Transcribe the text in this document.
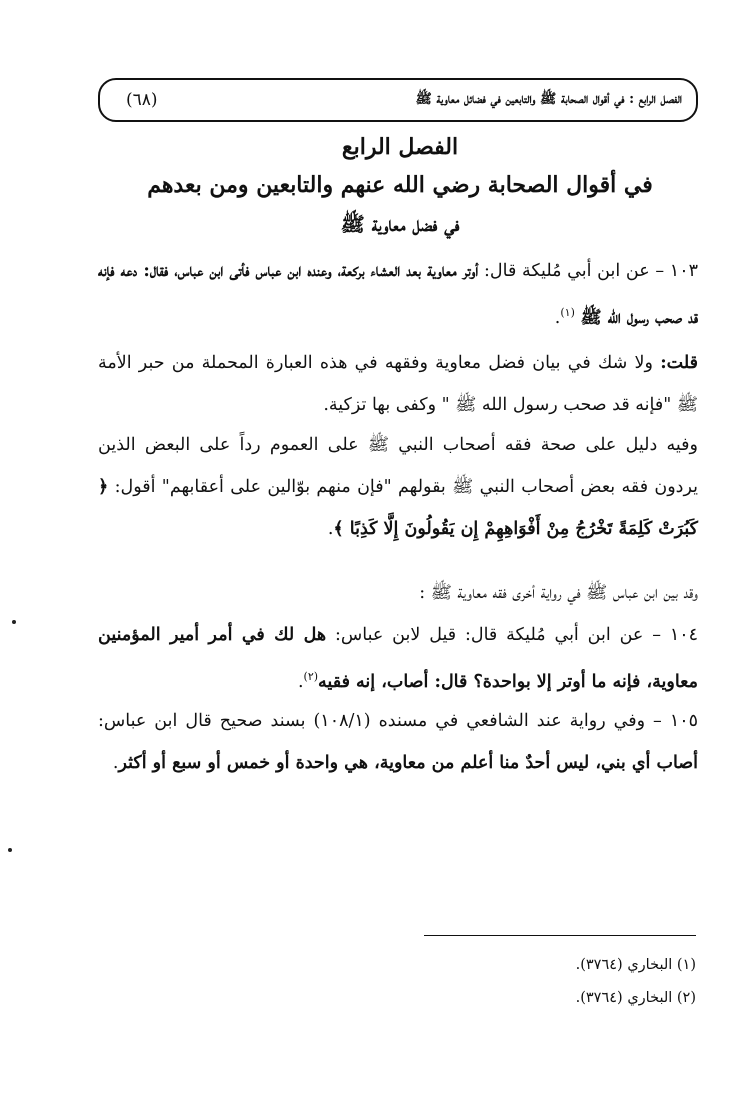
الفصل الرابع : في أقوال الصحابة ﷺ والتابعين في فضائل معاوية ﷺ
(٦٨)
الفصل الرابع
في أقوال الصحابة رضي الله عنهم والتابعين ومن بعدهم
في فضل معاوية ﷺ
١٠٣ – عن ابن أبي مُليكة قال: أوتر معاوية بعد العشاء بركعة، وعنده ابن عباس فأتى ابن عباس، فقال: دعه فإنه قد صحب رسول الله ﷺ $^{(١)}$.
قلت: ولا شك في بيان فضل معاوية وفقهه في هذه العبارة المحملة من حبر الأمة ﷺ "فإنه قد صحب رسول الله ﷺ " وكفى بها تزكية.
وفيه دليل على صحة فقه أصحاب النبي ﷺ على العموم رداً على البعض الذين يردون فقه بعض أصحاب النبي ﷺ بقولهم "فإن منهم بوّالين على أعقابهم" أقول: ﴿ كَبُرَتْ كَلِمَةً تَخْرُجُ مِنْ أَفْوَاهِهِمْ إِن يَقُولُونَ إِلَّا كَذِبًا ﴾.
وقد بين ابن عباس ﷺ في رواية أخرى فقه معاوية ﷺ :
١٠٤ – عن ابن أبي مُليكة قال: قيل لابن عباس: هل لك في أمر أمير المؤمنين معاوية، فإنه ما أوتر إلا بواحدة؟ قال: أصاب، إنه فقيه$^{(٢)}$.
١٠٥ – وفي رواية عند الشافعي في مسنده (١٠٨/١) بسند صحيح قال ابن عباس: أصاب أي بني، ليس أحدٌ منا أعلم من معاوية، هي واحدة أو خمس أو سبع أو أكثر.
(١) البخاري (٣٧٦٤).
(٢) البخاري (٣٧٦٤).
